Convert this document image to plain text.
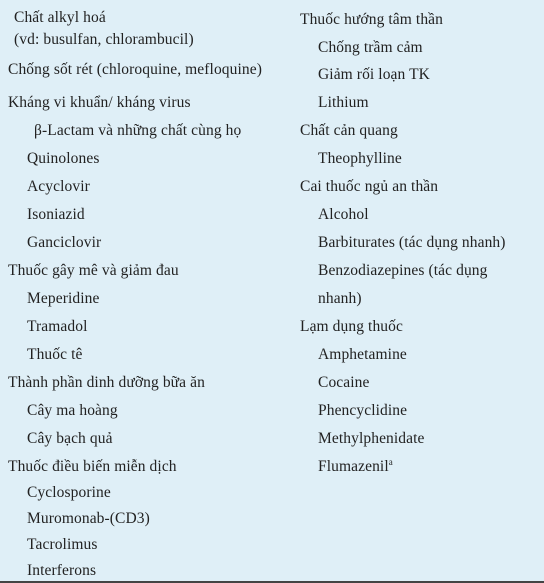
Chất alkyl hoá
(vd: busulfan, chlorambucil)
Chống sốt rét (chloroquine, mefloquine)
Kháng vi khuẩn/ kháng virus
β-Lactam và những chất cùng họ
Quinolones
Acyclovir
Isoniazid
Ganciclovir
Thuốc gây mê và giảm đau
Meperidine
Tramadol
Thuốc tê
Thành phần dinh dưỡng bữa ăn
Cây ma hoàng
Cây bạch quả
Thuốc điều biến miễn dịch
Cyclosporine
Muromonab-(CD3)
Tacrolimus
Interferons
Thuốc hướng tâm thần
Chống trầm cảm
Giảm rối loạn TK
Lithium
Chất cản quang
Theophylline
Cai thuốc ngủ an thần
Alcohol
Barbiturates (tác dụng nhanh)
Benzodiazepines (tác dụng
nhanh)
Lạm dụng thuốc
Amphetamine
Cocaine
Phencyclidine
Methylphenidate
Flumazenil$^a$
